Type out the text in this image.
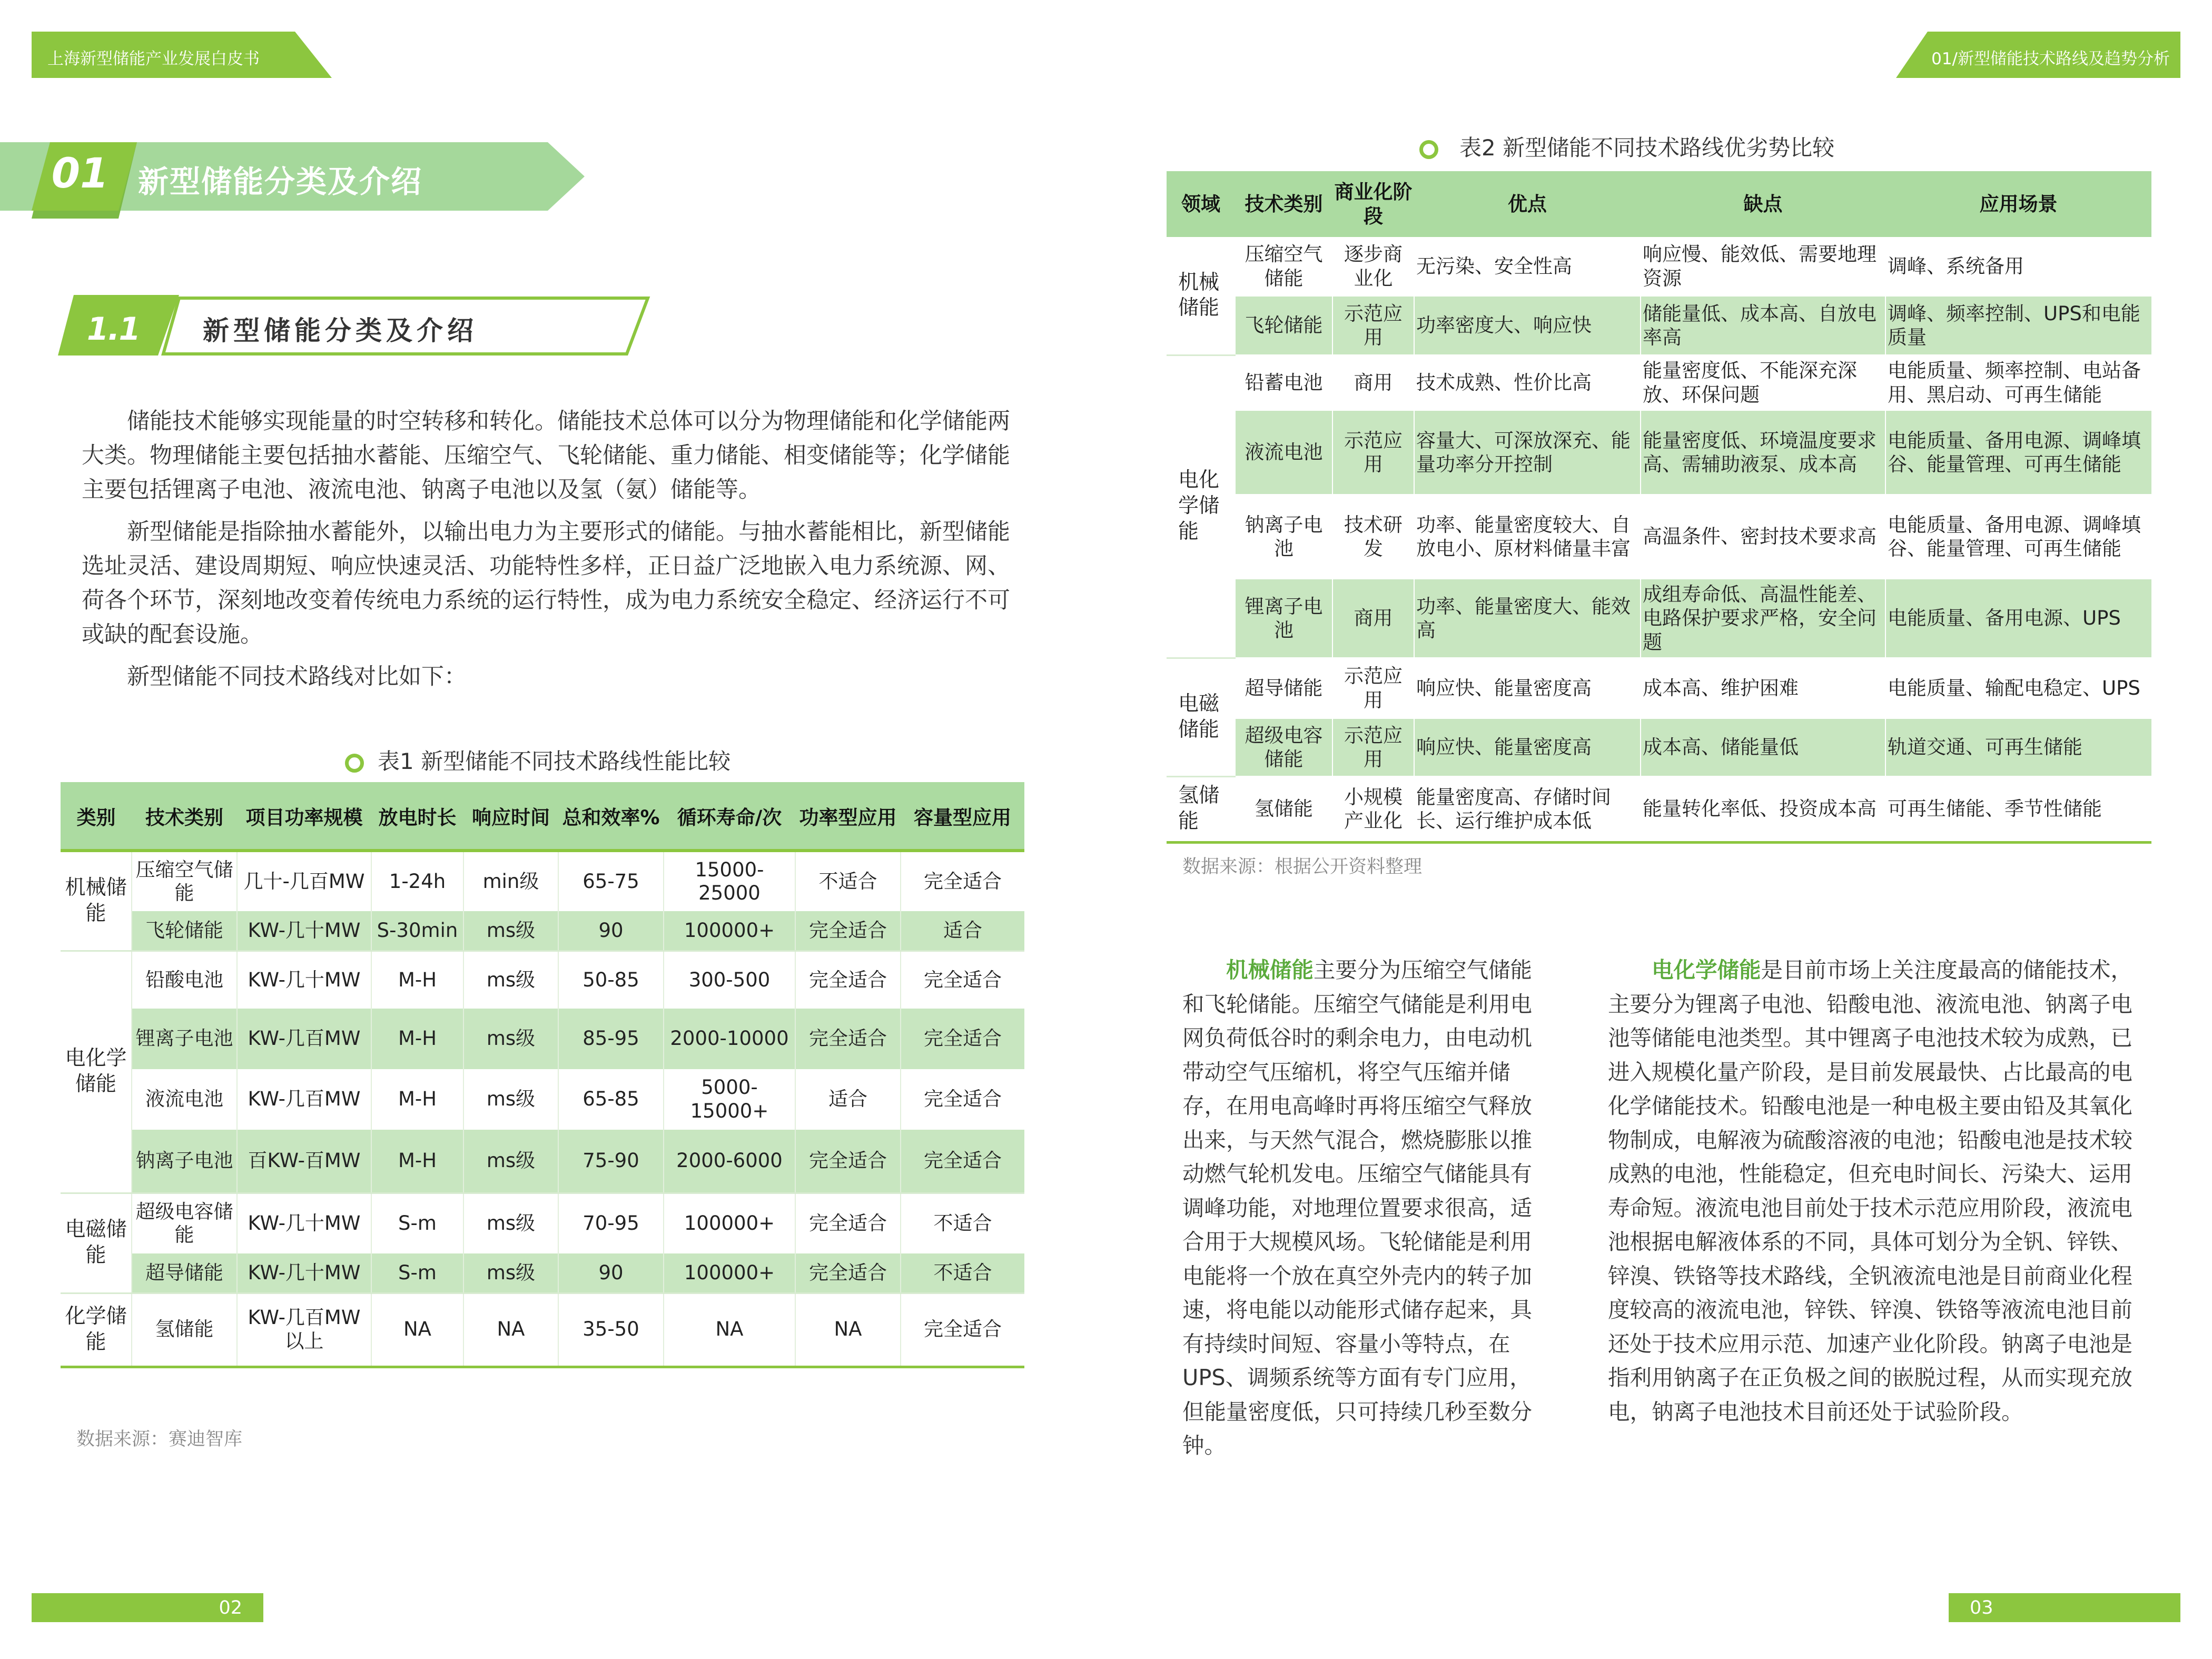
上海新型储能产业发展白皮书	01/新型储能技术路线及趋势分析
01 新型储能分类及介绍
1.1 新型储能分类及介绍

储能技术能够实现能量的时空转移和转化。储能技术总体可以分为物理储能和化学储能两大类。物理储能主要包括抽水蓄能、压缩空气、飞轮储能、重力储能、相变储能等；化学储能主要包括锂离子电池、液流电池、钠离子电池以及氢（氨）储能等。

新型储能是指除抽水蓄能外，以输出电力为主要形式的储能。与抽水蓄能相比，新型储能选址灵活、建设周期短、响应快速灵活、功能特性多样，正日益广泛地嵌入电力系统源、网、荷各个环节，深刻地改变着传统电力系统的运行特性，成为电力系统安全稳定、经济运行不可或缺的配套设施。

新型储能不同技术路线对比如下：

表1 新型储能不同技术路线性能比较
类别	技术类别	项目功率规模	放电时长	响应时间	总和效率%	循环寿命/次	功率型应用	容量型应用
机械储能	压缩空气储能	几十-几百MW	1-24h	min级	65-75	15000-25000	不适合	完全适合
	飞轮储能	KW-几十MW	S-30min	ms级	90	100000+	完全适合	适合
电化学储能	铅酸电池	KW-几十MW	M-H	ms级	50-85	300-500	完全适合	完全适合
	锂离子电池	KW-几百MW	M-H	ms级	85-95	2000-10000	完全适合	完全适合
	液流电池	KW-几百MW	M-H	ms级	65-85	5000-15000+	适合	完全适合
	钠离子电池	百KW-百MW	M-H	ms级	75-90	2000-6000	完全适合	完全适合
电磁储能	超级电容储能	KW-几十MW	S-m	ms级	70-95	100000+	完全适合	不适合
	超导储能	KW-几十MW	S-m	ms级	90	100000+	完全适合	不适合
化学储能	氢储能	KW-几百MW以上	NA	NA	35-50	NA	NA	完全适合
数据来源：赛迪智库
表2 新型储能不同技术路线优劣势比较
领域	技术类别	商业化阶段	优点	缺点	应用场景
机械储能	压缩空气储能	逐步商业化	无污染、安全性高	响应慢、能效低、需要地理资源	调峰、系统备用
	飞轮储能	示范应用	功率密度大、响应快	储能量低、成本高、自放电率高	调峰、频率控制、UPS和电能质量
电化学储能	铅蓄电池	商用	技术成熟、性价比高	能量密度低、不能深充深放、环保问题	电能质量、频率控制、电站备用、黑启动、可再生储能
	液流电池	示范应用	容量大、可深放深充、能量功率分开控制	能量密度低、环境温度要求高、需辅助液泵、成本高	电能质量、备用电源、调峰填谷、能量管理、可再生储能
	钠离子电池	技术研发	功率、能量密度较大、自放电小、原材料储量丰富	高温条件、密封技术要求高	电能质量、备用电源、调峰填谷、能量管理、可再生储能
	锂离子电池	商用	功率、能量密度大、能效高	成组寿命低、高温性能差、电路保护要求严格，安全问题	电能质量、备用电源、UPS
电磁储能	超导储能	示范应用	响应快、能量密度高	成本高、维护困难	电能质量、输配电稳定、UPS
	超级电容储能	示范应用	响应快、能量密度高	成本高、储能量低	轨道交通、可再生储能
氢储能	氢储能	小规模产业化	能量密度高、存储时间长、运行维护成本低	能量转化率低、投资成本高	可再生储能、季节性储能
数据来源：根据公开资料整理
机械储能主要分为压缩空气储能和飞轮储能。压缩空气储能是利用电网负荷低谷时的剩余电力，由电动机带动空气压缩机，将空气压缩并储存，在用电高峰时再将压缩空气释放出来，与天然气混合，燃烧膨胀以推动燃气轮机发电。压缩空气储能具有调峰功能，对地理位置要求很高，适合用于大规模风场。飞轮储能是利用电能将一个放在真空外壳内的转子加速，将电能以动能形式储存起来，具有持续时间短、容量小等特点，在UPS、调频系统等方面有专门应用，但能量密度低，只可持续几秒至数分钟。
电化学储能是目前市场上关注度最高的储能技术，主要分为锂离子电池、铅酸电池、液流电池、钠离子电池等储能电池类型。其中锂离子电池技术较为成熟，已进入规模化量产阶段，是目前发展最快、占比最高的电化学储能技术。铅酸电池是一种电极主要由铅及其氧化物制成，电解液为硫酸溶液的电池；铅酸电池是技术较成熟的电池，性能稳定，但充电时间长、污染大、运用寿命短。液流电池目前处于技术示范应用阶段，液流电池根据电解液体系的不同，具体可划分为全钒、锌铁、锌溴、铁铬等技术路线，全钒液流电池是目前商业化程度较高的液流电池，锌铁、锌溴、铁铬等液流电池目前还处于技术应用示范、加速产业化阶段。钠离子电池是指利用钠离子在正负极之间的嵌脱过程，从而实现充放电，钠离子电池技术目前还处于试验阶段。
02	03
